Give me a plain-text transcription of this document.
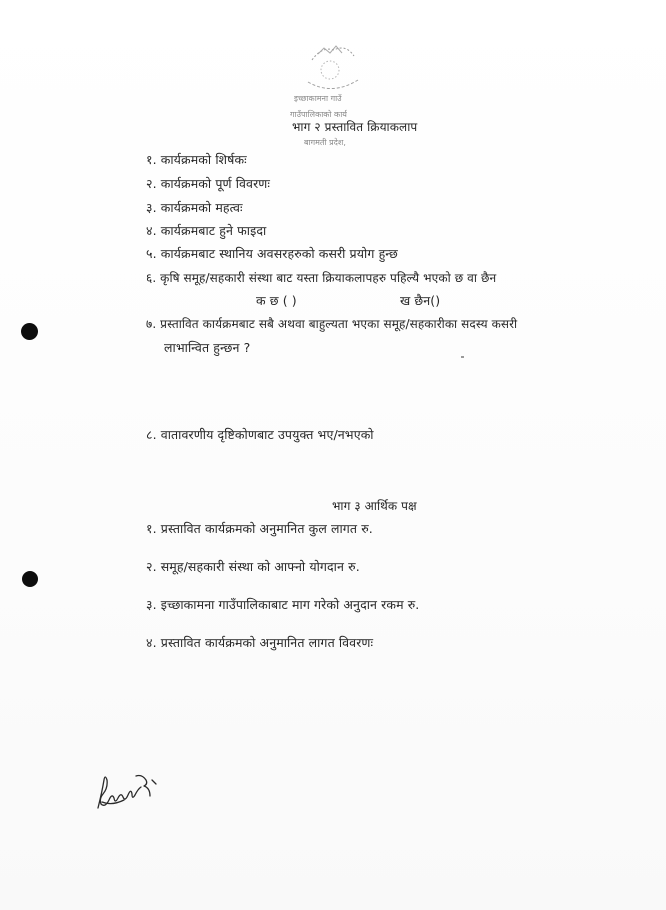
इच्छाकामना गाउँ
गाउँपालिकाको कार्य
बागमती प्रदेश,
भाग २ प्रस्तावित क्रियाकलाप
१. कार्यक्रमको शिर्षकः
२. कार्यक्रमको पूर्ण विवरणः
३. कार्यक्रमको महत्वः
४. कार्यक्रमबाट हुने फाइदा
५. कार्यक्रमबाट स्थानिय अवसरहरुको कसरी प्रयोग हुन्छ
६. कृषि समूह/सहकारी संस्था बाट यस्ता क्रियाकलापहरु पहिल्यै भएको छ वा छैन
क छ ( )	ख छैन()
७. प्रस्तावित कार्यक्रमबाट सबै अथवा बाहुल्यता भएका समूह/सहकारीका सदस्य कसरी
लाभान्वित हुन्छन ?
८. वातावरणीय दृष्टिकोणबाट उपयुक्त भए/नभएको
भाग ३ आर्थिक पक्ष
१. प्रस्तावित कार्यक्रमको अनुमानित कुल लागत रु.
२. समूह/सहकारी संस्था को आफ्नो योगदान रु.
३. इच्छाकामना गाउँपालिकाबाट माग गरेको अनुदान रकम रु.
४. प्रस्तावित कार्यक्रमको अनुमानित लागत विवरणः
